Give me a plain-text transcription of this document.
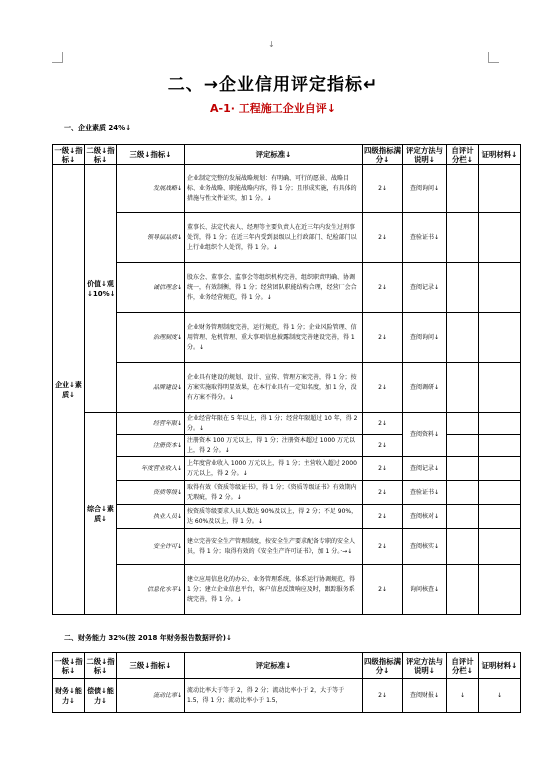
↓
二、→企业信用评定指标↵
A-1· 工程施工企业自评↓
一、企业素质 24%↓
一级↓指标↓	二级↓指标↓	三级↓指标↓	评定标准↓	四级指标满分↓	评定方法与说明↓	自评计分栏↓	证明材料↓
企业↓素质↓	价值↓观↓10%↓	发展战略↓	企业制定完整的发展战略规划：有明确、可行的愿景、战略目标、业务战略、职能战略内容，得 1 分；且形成实施，有具体的措施与性文件证实，加 1 分。↓	2↓	查阅询问↓		
		领导层品质↓	董事长、法定代表人、经理等主要负责人在近三年内发生过刑事处罚，得 1 分；在近三年内受到县级以上行政部门、纪检部门以上行业组织个人处罚，得 1 分。↓	2↓	查验证书↓		
		诚信理念↓	股东会、董事会、监事会等组织机构完善，组织职责明确、协调统一，有效制衡，得 1 分；经营团队职能结构合理，经营厂会合作，业务经营规范，得 1 分。↓	2↓	查阅记录↓		
		治理制度↓	企业财务管理制度完善，运行规范，得 1 分；企业风险管理、信用管理、危机管理、重大事项信息披露制度完善建设完善，得 1 分。↓	2↓	查阅询问↓		
		品牌建设↓	企业具有建设的规划、设计、宣传、管理方案完善，得 1 分；按方案实施取得明显效果，在本行业具有一定知名度，加 1 分，没有方案不得分。↓	2↓	查阅调研↓		
	综合↓素质↓	经营年限↓	企业经营年限在 5 年以上，得 1 分；经营年限超过 10 年，得 2 分。↓	2↓	查阅资料↓		
		注册资本↓	注册资本 100 万元以上，得 1 分；注册资本超过 1000 万元以上，得 2 分。↓	2↓			
		年度营业收入↓	上年度营业收入 1000 万元以上，得 1 分；主营收入超过 2000 万元以上，得 2 分。↓	2↓	查阅记录↓		
		资质等级↓	取得有效《资质等级证书》，得 1 分；《资质等级证书》有效期内无瑕疵，得 2 分。↓	2↓	查验证书↓		
		执业人员↓	按资质等级要求人员人数达 90%及以上，得 2 分；不足 90%，达 60%及以上，得 1 分。↓	2↓	查阅核对↓		
		安全许可↓	建立完善安全生产管理制度，按安全生产要求配备专职的安全人员，得 1 分；取得有效的《安全生产许可证书》，加 1 分。·→↓	2↓	查阅核实↓		
		信息化水平↓	建立应用信息化的办公、业务管理系统，体系运行协调规范，得 1 分；建立企业信息平台，客户信息反馈响应及时，跟踪服务系统完善，得 1 分。↓	2↓	询问核查↓		
二、财务能力 32%(按 2018 年财务报告数据评价)↓
一级↓指标↓	二级↓指标↓	三级↓指标↓	评定标准↓	四级指标满分↓	评定方法与说明↓	自评计分栏↓	证明材料↓
财务↓能力↓	偿债↓能力↓	流动比率↓	流动比率大于等于 2，得 2 分；流动比率小于 2，大于等于 1.5，得 1 分；流动比率小于 1.5，	2↓	查阅财报↓	↓	↓
